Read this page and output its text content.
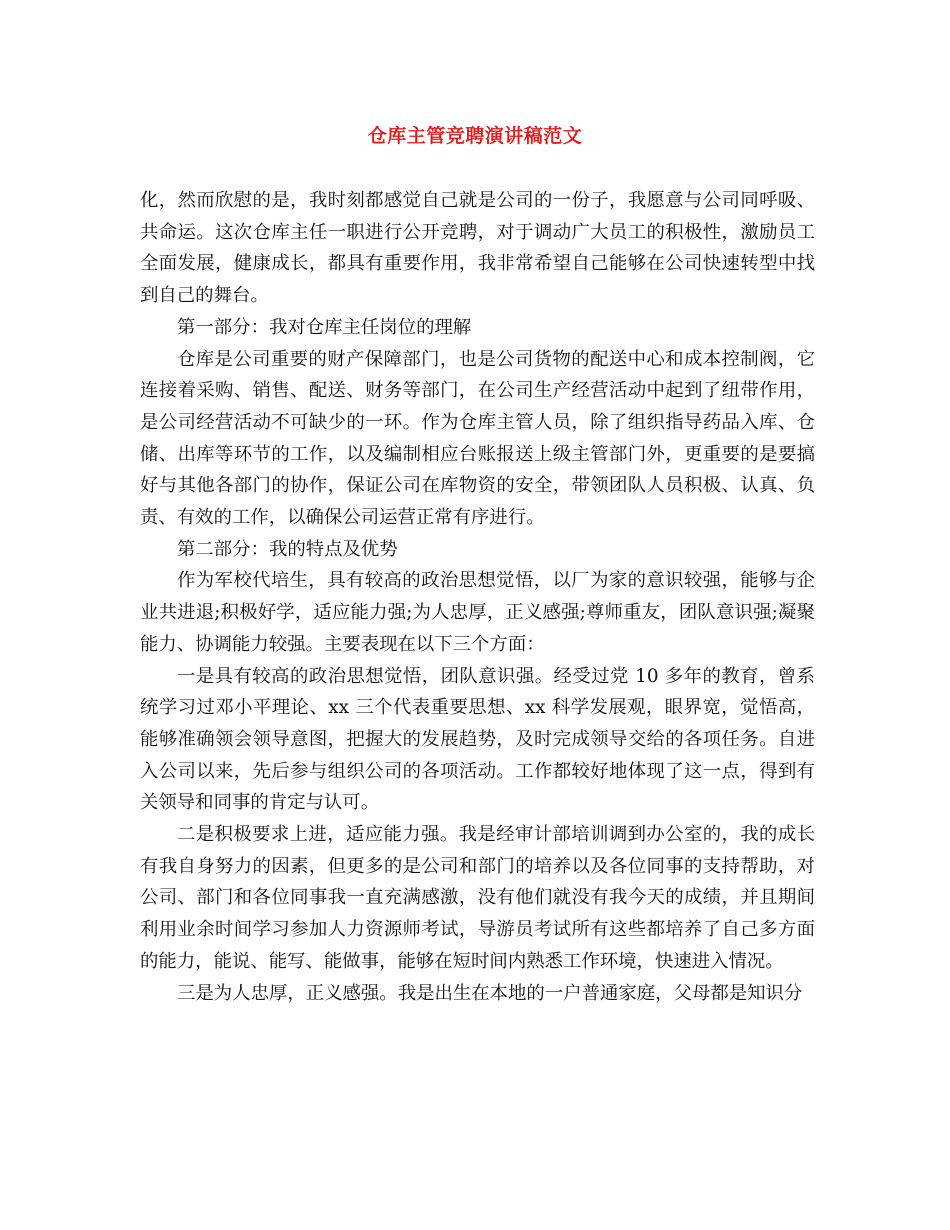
仓库主管竞聘演讲稿范文

化，然而欣慰的是，我时刻都感觉自己就是公司的一份子，我愿意与公司同呼吸、共命运。这次仓库主任一职进行公开竞聘，对于调动广大员工的积极性，激励员工全面发展，健康成长，都具有重要作用，我非常希望自己能够在公司快速转型中找到自己的舞台。

第一部分：我对仓库主任岗位的理解

仓库是公司重要的财产保障部门，也是公司货物的配送中心和成本控制阀，它连接着采购、销售、配送、财务等部门，在公司生产经营活动中起到了纽带作用，是公司经营活动不可缺少的一环。作为仓库主管人员，除了组织指导药品入库、仓储、出库等环节的工作，以及编制相应台账报送上级主管部门外，更重要的是要搞好与其他各部门的协作，保证公司在库物资的安全，带领团队人员积极、认真、负责、有效的工作，以确保公司运营正常有序进行。

第二部分：我的特点及优势

作为军校代培生，具有较高的政治思想觉悟，以厂为家的意识较强，能够与企业共进退;积极好学，适应能力强;为人忠厚，正义感强;尊师重友，团队意识强;凝聚能力、协调能力较强。主要表现在以下三个方面：

一是具有较高的政治思想觉悟，团队意识强。经受过党 10 多年的教育，曾系统学习过邓小平理论、xx 三个代表重要思想、xx 科学发展观，眼界宽，觉悟高，能够准确领会领导意图，把握大的发展趋势，及时完成领导交给的各项任务。自进入公司以来，先后参与组织公司的各项活动。工作都较好地体现了这一点，得到有关领导和同事的肯定与认可。

二是积极要求上进，适应能力强。我是经审计部培训调到办公室的，我的成长有我自身努力的因素，但更多的是公司和部门的培养以及各位同事的支持帮助，对公司、部门和各位同事我一直充满感激，没有他们就没有我今天的成绩，并且期间利用业余时间学习参加人力资源师考试，导游员考试所有这些都培养了自己多方面的能力，能说、能写、能做事，能够在短时间内熟悉工作环境，快速进入情况。

三是为人忠厚，正义感强。我是出生在本地的一户普通家庭，父母都是知识分
